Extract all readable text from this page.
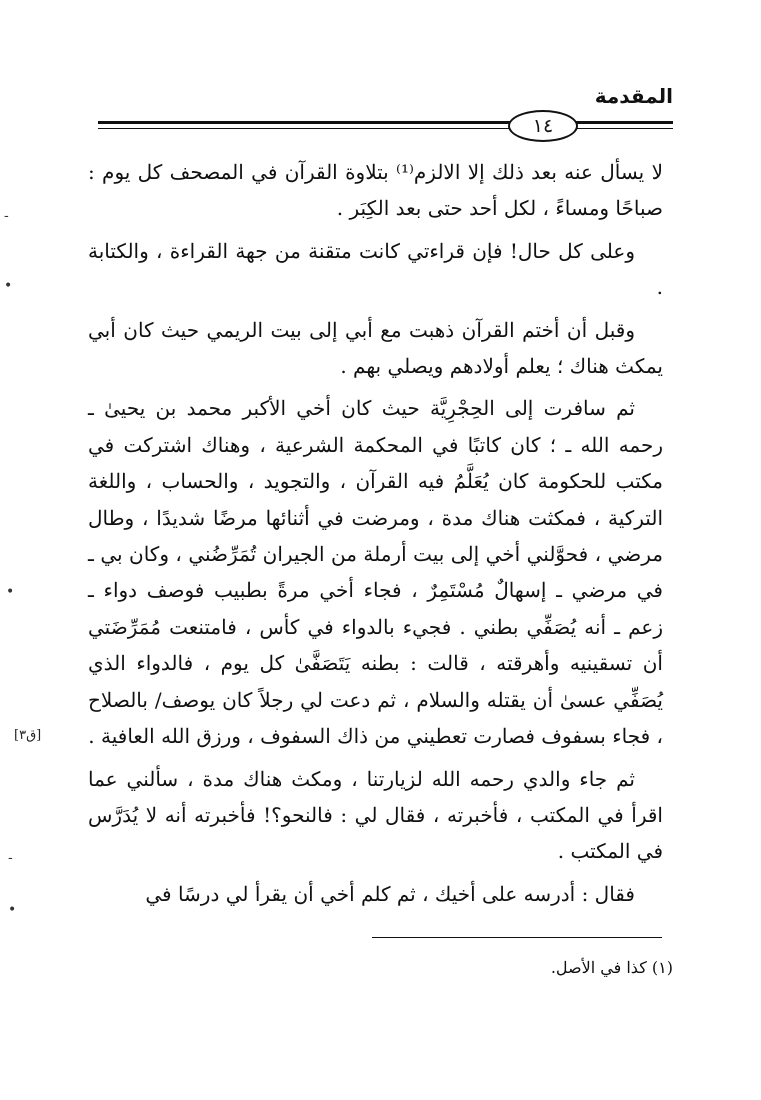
المقدمة
١٤

لا يسأل عنه بعد ذلك إلا الالزم⁽¹⁾ بتلاوة القرآن في المصحف كل يوم : صباحًا ومساءً ، لكل أحد حتى بعد الكِبَر .

وعلى كل حال! فإن قراءتي كانت متقنة من جهة القراءة ، والكتابة .

وقبل أن أختم القرآن ذهبت مع أبي إلى بيت الريمي حيث كان أبي يمكث هناك ؛ يعلم أولادهم ويصلي بهم .

ثم سافرت إلى الحِجْرِيَّة حيث كان أخي الأكبر محمد بن يحيىٰ ـ رحمه الله ـ ؛ كان كاتبًا في المحكمة الشرعية ، وهناك اشتركت في مكتب للحكومة كان يُعَلَّمُ فيه القرآن ، والتجويد ، والحساب ، واللغة التركية ، فمكثت هناك مدة ، ومرضت في أثنائها مرضًا شديدًا ، وطال مرضي ، فحوَّلني أخي إلى بيت أرملة من الجيران تُمَرِّضُني ، وكان بي ـ في مرضي ـ إسهالٌ مُسْتَمِرٌ ، فجاء أخي مرةً بطبيب فوصف دواء ـ زعم ـ أنه يُصَفِّي بطني . فجيء بالدواء في كأس ، فامتنعت مُمَرِّضَتي أن تسقينيه وأهرقته ، قالت : بطنه يَتَصَفَّىٰ كل يوم ، فالدواء الذي يُصَفِّي عسىٰ أن يقتله والسلام ، ثم دعت لي رجلاً كان يوصف/ بالصلاح ، فجاء بسفوف فصارت تعطيني من ذاك السفوف ، ورزق الله العافية .

ثم جاء والدي رحمه الله لزيارتنا ، ومكث هناك مدة ، سألني عما اقرأ في المكتب ، فأخبرته ، فقال لي : فالنحو؟! فأخبرته أنه لا يُدَرَّس في المكتب .

فقال : أدرسه على أخيك ، ثم كلم أخي أن يقرأ لي درسًا في

[ق٣]
-
•
•
-
•
(١) كذا في الأصل.
